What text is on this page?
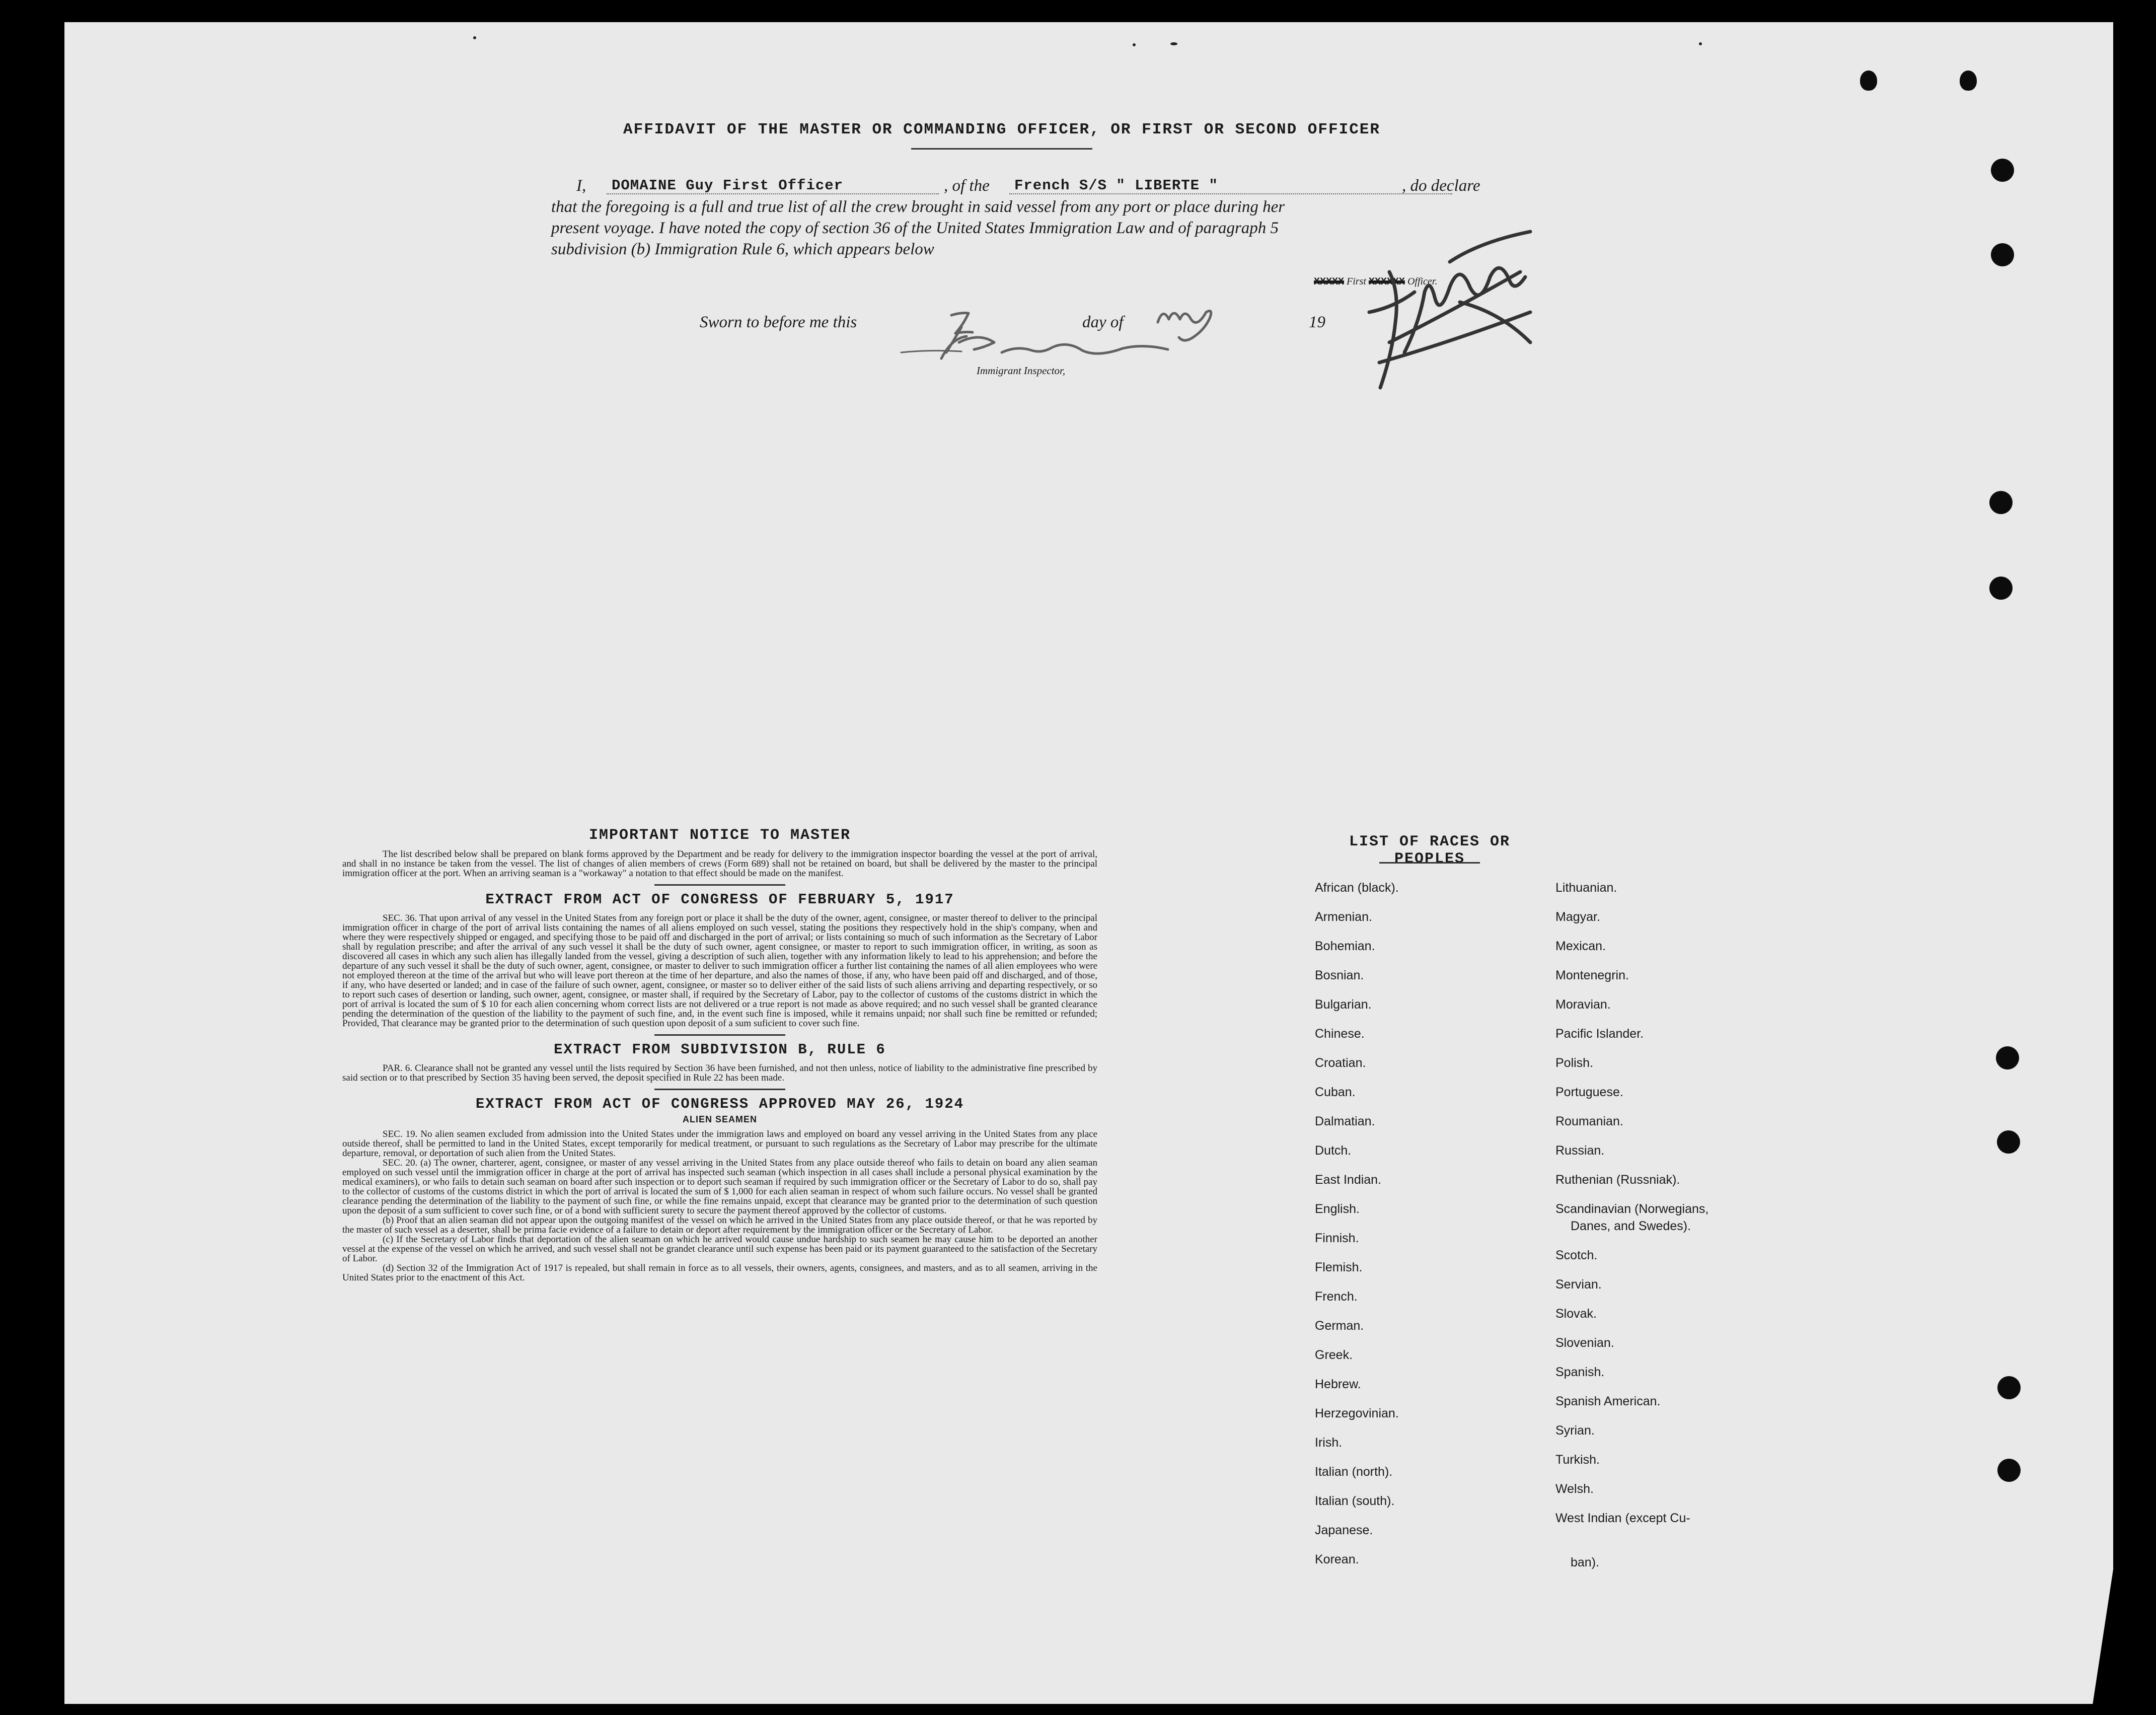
AFFIDAVIT OF THE MASTER OR COMMANDING OFFICER, OR FIRST OR SECOND OFFICER
I, DOMAINE Guy First Officer	, of the French S/S " LIBERTE "	, do declare
that the foregoing is a full and true list of all the crew brought in said vessel from any port or place during her
present voyage. I have noted the copy of section 36 of the United States Immigration Law and of paragraph 5
subdivision (b) Immigration Rule 6, which appears below
XXXXX First XXXXXX Officer.
Sworn to before me this	day of	19
Immigrant Inspector,
IMPORTANT NOTICE TO MASTER

The list described below shall be prepared on blank forms approved by the Department and be ready for delivery to the immigration inspector boarding the vessel at the port of arrival, and shall in no instance be taken from the vessel. The list of changes of alien members of crews (Form 689) shall not be retained on board, but shall be delivered by the master to the principal immigration officer at the port. When an arriving seaman is a "workaway" a notation to that effect should be made on the manifest.

EXTRACT FROM ACT OF CONGRESS OF FEBRUARY 5, 1917

SEC. 36. That upon arrival of any vessel in the United States from any foreign port or place it shall be the duty of the owner, agent, consignee, or master thereof to deliver to the principal immigration officer in charge of the port of arrival lists containing the names of all aliens employed on such vessel, stating the positions they respectively hold in the ship's company, when and where they were respectively shipped or engaged, and specifying those to be paid off and discharged in the port of arrival; or lists containing so much of such information as the Secretary of Labor shall by regulation prescribe; and after the arrival of any such vessel it shall be the duty of such owner, agent consignee, or master to report to such immigration officer, in writing, as soon as discovered all cases in which any such alien has illegally landed from the vessel, giving a description of such alien, together with any information likely to lead to his apprehension; and before the departure of any such vessel it shall be the duty of such owner, agent, consignee, or master to deliver to such immigration officer a further list containing the names of all alien employees who were not employed thereon at the time of the arrival but who will leave port thereon at the time of her departure, and also the names of those, if any, who have been paid off and discharged, and of those, if any, who have deserted or landed; and in case of the failure of such owner, agent, consignee, or master so to deliver either of the said lists of such aliens arriving and departing respectively, or so to report such cases of desertion or landing, such owner, agent, consignee, or master shall, if required by the Secretary of Labor, pay to the collector of customs of the customs district in which the port of arrival is located the sum of $ 10 for each alien concerning whom correct lists are not delivered or a true report is not made as above required; and no such vessel shall be granted clearance pending the determination of the question of the liability to the payment of such fine, and, in the event such fine is imposed, while it remains unpaid; nor shall such fine be remitted or refunded; Provided, That clearance may be granted prior to the determination of such question upon deposit of a sum suficient to cover such fine.

EXTRACT FROM SUBDIVISION B, RULE 6

PAR. 6. Clearance shall not be granted any vessel until the lists required by Section 36 have been furnished, and not then unless, notice of liability to the administrative fine prescribed by said section or to that prescribed by Section 35 having been served, the deposit specified in Rule 22 has been made.

EXTRACT FROM ACT OF CONGRESS APPROVED MAY 26, 1924
ALIEN SEAMEN

SEC. 19. No alien seamen excluded from admission into the United States under the immigration laws and employed on board any vessel arriving in the United States from any place outside thereof, shall be permitted to land in the United States, except temporarily for medical treatment, or pursuant to such regulations as the Secretary of Labor may prescribe for the ultimate departure, removal, or deportation of such alien from the United States.

SEC. 20. (a) The owner, charterer, agent, consignee, or master of any vessel arriving in the United States from any place outside thereof who fails to detain on board any alien seaman employed on such vessel until the immigration officer in charge at the port of arrival has inspected such seaman (which inspection in all cases shall include a personal physical examination by the medical examiners), or who fails to detain such seaman on board after such inspection or to deport such seaman if required by such immigration officer or the Secretary of Labor to do so, shall pay to the collector of customs of the customs district in which the port of arrival is located the sum of $ 1,000 for each alien seaman in respect of whom such failure occurs. No vessel shall be granted clearance pending the determination of the liability to the payment of such fine, or while the fine remains unpaid, except that clearance may be granted prior to the determination of such question upon the deposit of a sum sufficient to cover such fine, or of a bond with sufficient surety to secure the payment thereof approved by the collector of customs.

(b) Proof that an alien seaman did not appear upon the outgoing manifest of the vessel on which he arrived in the United States from any place outside thereof, or that he was reported by the master of such vessel as a deserter, shall be prima facie evidence of a failure to detain or deport after requirement by the immigration officer or the Secretary of Labor.

(c) If the Secretary of Labor finds that deportation of the alien seaman on which he arrived would cause undue hardship to such seamen he may cause him to be deported an another vessel at the expense of the vessel on which he arrived, and such vessel shall not be grandet clearance until such expense has been paid or its payment guaranteed to the satisfaction of the Secretary of Labor.

(d) Section 32 of the Immigration Act of 1917 is repealed, but shall remain in force as to all vessels, their owners, agents, consignees, and masters, and as to all seamen, arriving in the United States prior to the enactment of this Act.

LIST OF RACES OR PEOPLES
African (black).
Armenian.
Bohemian.
Bosnian.
Bulgarian.
Chinese.
Croatian.
Cuban.
Dalmatian.
Dutch.
East Indian.
English.
Finnish.
Flemish.
French.
German.
Greek.
Hebrew.
Herzegovinian.
Irish.
Italian (north).
Italian (south).
Japanese.
Korean.
Lithuanian.
Magyar.
Mexican.
Montenegrin.
Moravian.
Pacific Islander.
Polish.
Portuguese.
Roumanian.
Russian.
Ruthenian (Russniak).
Scandinavian (Norwegians,
Danes, and Swedes).
Scotch.
Servian.
Slovak.
Slovenian.
Spanish.
Spanish American.
Syrian.
Turkish.
Welsh.
West Indian (except Cu-
ban).
